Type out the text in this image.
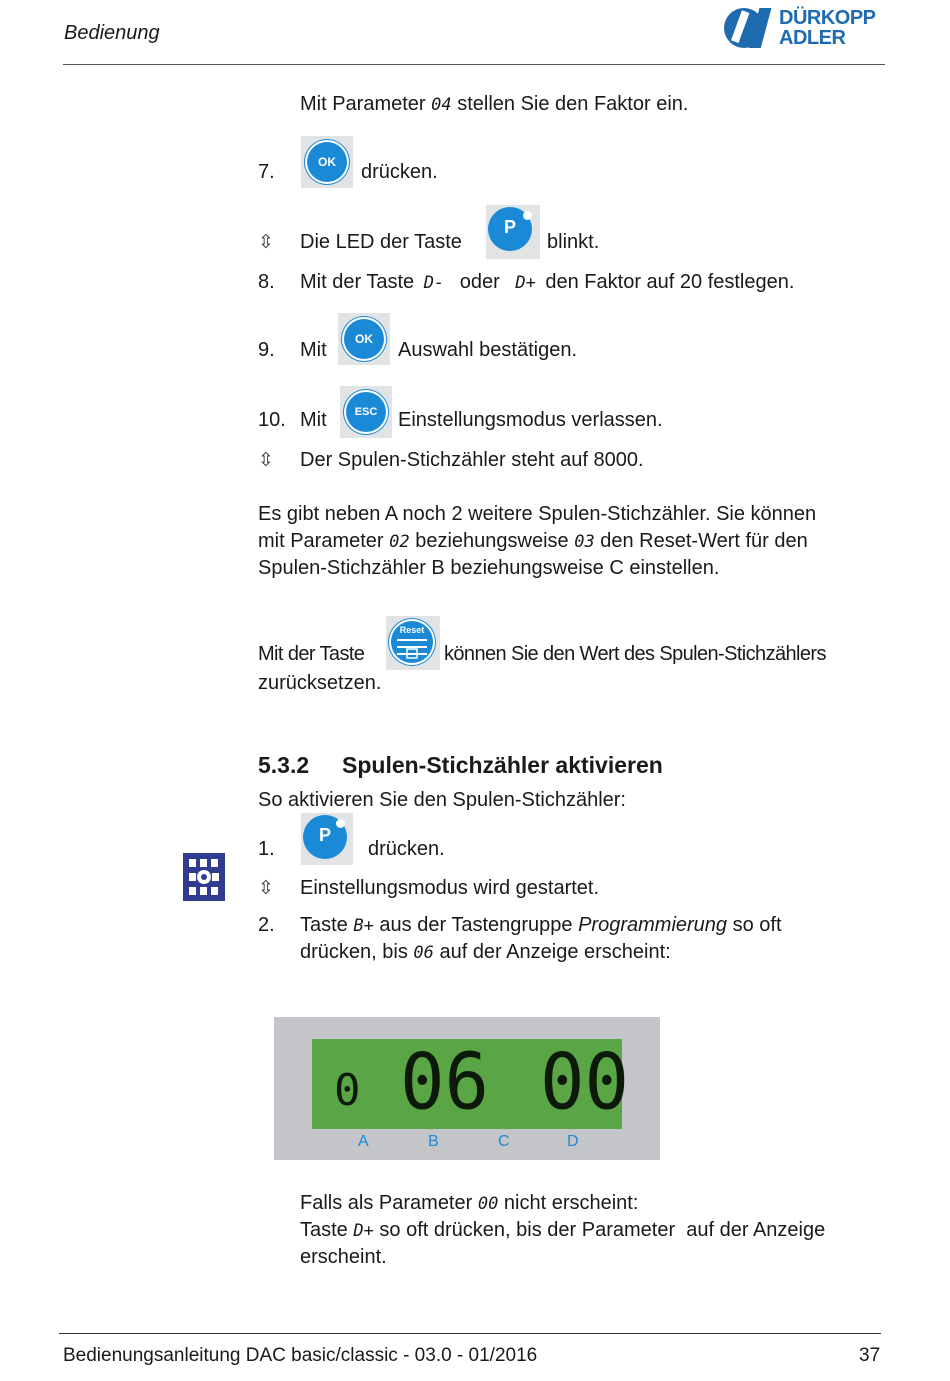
Bedienung
DÜRKOPP
ADLER
Mit Parameter 04 stellen Sie den Faktor ein.
7.	OK	drücken.
⇳ Die LED der Taste
P
blinkt.
8. Mit der Taste D- oder D+ den Faktor auf 20 festlegen.
9. Mit	OK	Auswahl bestätigen.
10. Mit	ESC	Einstellungsmodus verlassen.
⇳ Der Spulen-Stichzähler steht auf 8000.
Es gibt neben A noch 2 weitere Spulen-Stichzähler. Sie können
mit Parameter 02 beziehungsweise 03 den Reset-Wert für den
Spulen-Stichzähler B beziehungsweise C einstellen.
Mit der Taste
Reset
können Sie den Wert des Spulen-Stichzählers
zurücksetzen.
5.3.2 Spulen-Stichzähler aktivieren
So aktivieren Sie den Spulen-Stichzähler:
1.
P
drücken.
⇳ Einstellungsmodus wird gestartet.
2. Taste B+ aus der Tastengruppe Programmierung so oft
drücken, bis 06 auf der Anzeige erscheint:
0 06 00
A	B	C	D
Falls als Parameter 00 nicht erscheint:
Taste D+ so oft drücken, bis der Parameter  auf der Anzeige
erscheint.
Bedienungsanleitung DAC basic/classic - 03.0 - 01/2016	37
